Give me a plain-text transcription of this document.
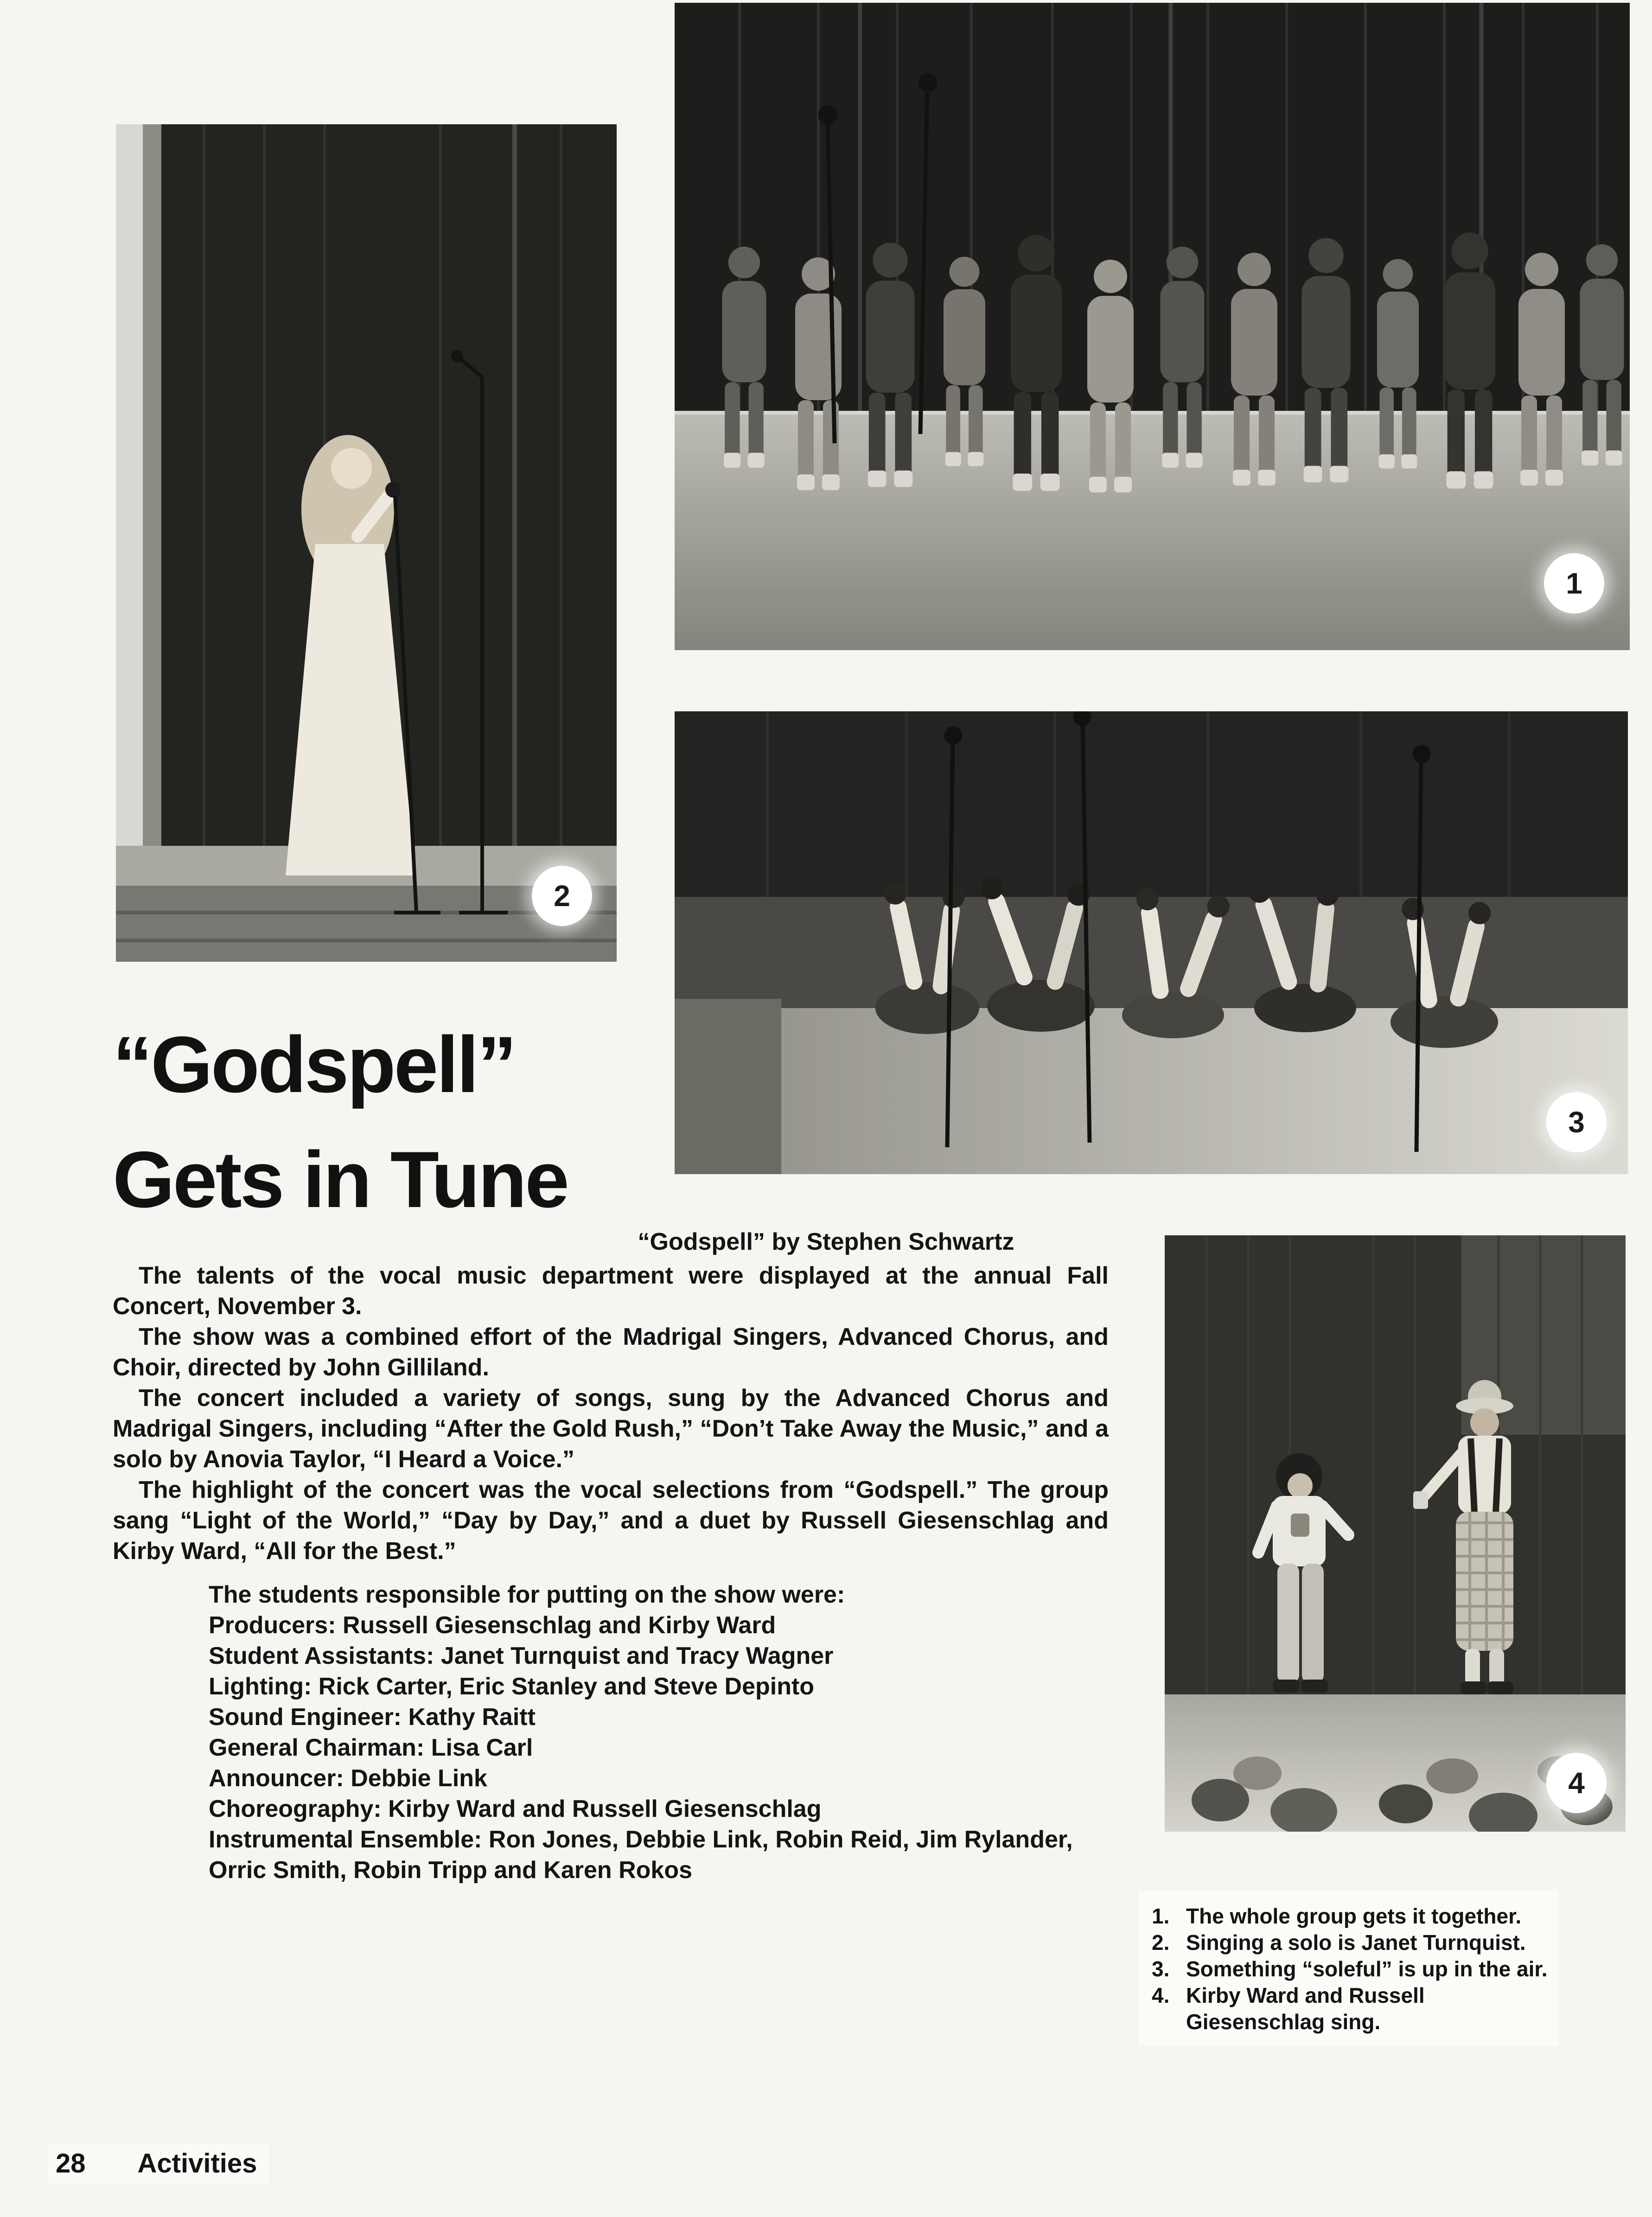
1
2
3
4
“Godspell”
Gets in Tune
“Godspell” by Stephen Schwartz

The talents of the vocal music department were displayed at the annual Fall Concert, November 3.

The show was a combined effort of the Madrigal Singers, Advanced Chorus, and Choir, directed by John Gilliland.

The concert included a variety of songs, sung by the Advanced Chorus and Madrigal Singers, including “After the Gold Rush,” “Don’t Take Away the Music,” and a solo by Anovia Taylor, “I Heard a Voice.”

The highlight of the concert was the vocal selections from “Godspell.” The group sang “Light of the World,” “Day by Day,” and a duet by Russell Giesenschlag and Kirby Ward, “All for the Best.”

The students responsible for putting on the show were:
Producers: Russell Giesenschlag and Kirby Ward
Student Assistants: Janet Turnquist and Tracy Wagner
Lighting: Rick Carter, Eric Stanley and Steve Depinto
Sound Engineer: Kathy Raitt
General Chairman: Lisa Carl
Announcer: Debbie Link
Choreography: Kirby Ward and Russell Giesenschlag
Instrumental Ensemble: Ron Jones, Debbie Link, Robin Reid, Jim Rylander, Orric Smith, Robin Tripp and Karen Rokos
1. The whole group gets it together.
2. Singing a solo is Janet Turnquist.
3. Something “soleful” is up in the air.
4. Kirby Ward and Russell Giesenschlag sing.
28 Activities
